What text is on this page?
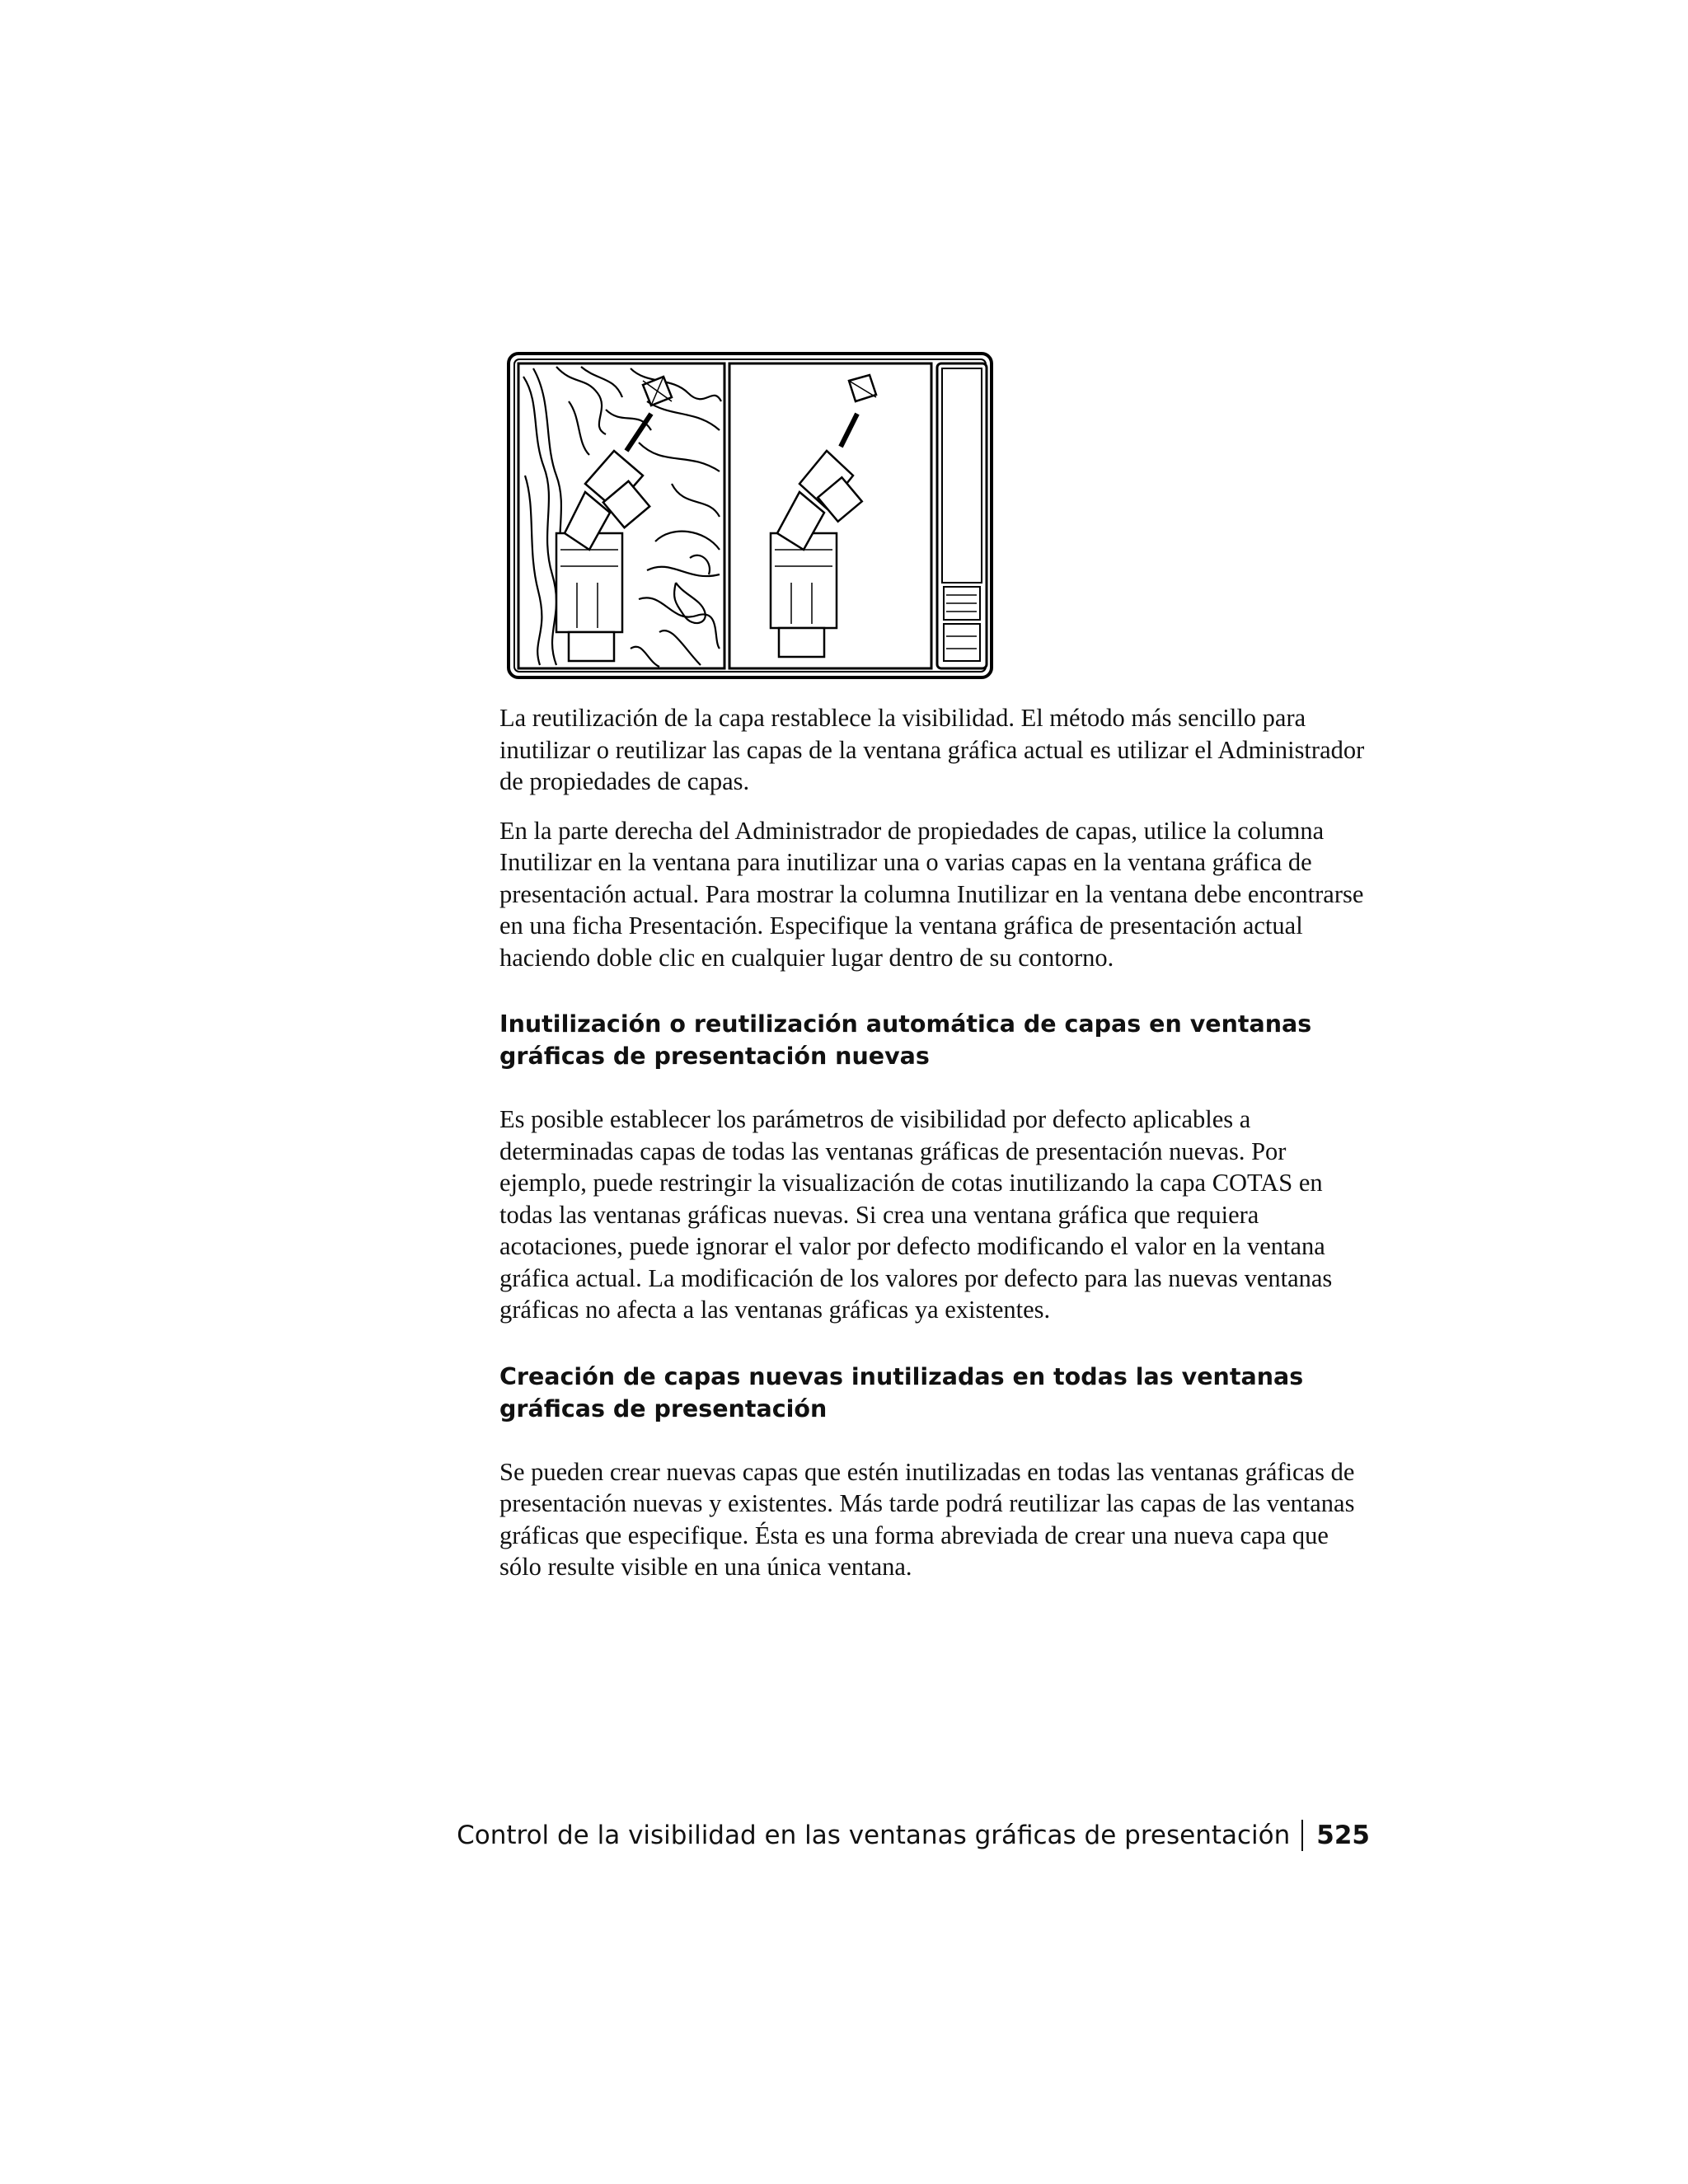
La reutilización de la capa restablece la visibilidad. El método más sencillo para inutilizar o reutilizar las capas de la ventana gráfica actual es utilizar el Administrador de propiedades de capas.

En la parte derecha del Administrador de propiedades de capas, utilice la columna Inutilizar en la ventana para inutilizar una o varias capas en la ventana gráfica de presentación actual. Para mostrar la columna Inutilizar en la ventana debe encontrarse en una ficha Presentación. Especifique la ventana gráfica de presentación actual haciendo doble clic en cualquier lugar dentro de su contorno.

Inutilización o reutilización automática de capas en ventanas gráficas de presentación nuevas

Es posible establecer los parámetros de visibilidad por defecto aplicables a determinadas capas de todas las ventanas gráficas de presentación nuevas. Por ejemplo, puede restringir la visualización de cotas inutilizando la capa COTAS en todas las ventanas gráficas nuevas. Si crea una ventana gráfica que requiera acotaciones, puede ignorar el valor por defecto modificando el valor en la ventana gráfica actual. La modificación de los valores por defecto para las nuevas ventanas gráficas no afecta a las ventanas gráficas ya existentes.

Creación de capas nuevas inutilizadas en todas las ventanas gráficas de presentación

Se pueden crear nuevas capas que estén inutilizadas en todas las ventanas gráficas de presentación nuevas y existentes. Más tarde podrá reutilizar las capas de las ventanas gráficas que especifique. Ésta es una forma abreviada de crear una nueva capa que sólo resulte visible en una única ventana.

Control de la visibilidad en las ventanas gráficas de presentación 525
